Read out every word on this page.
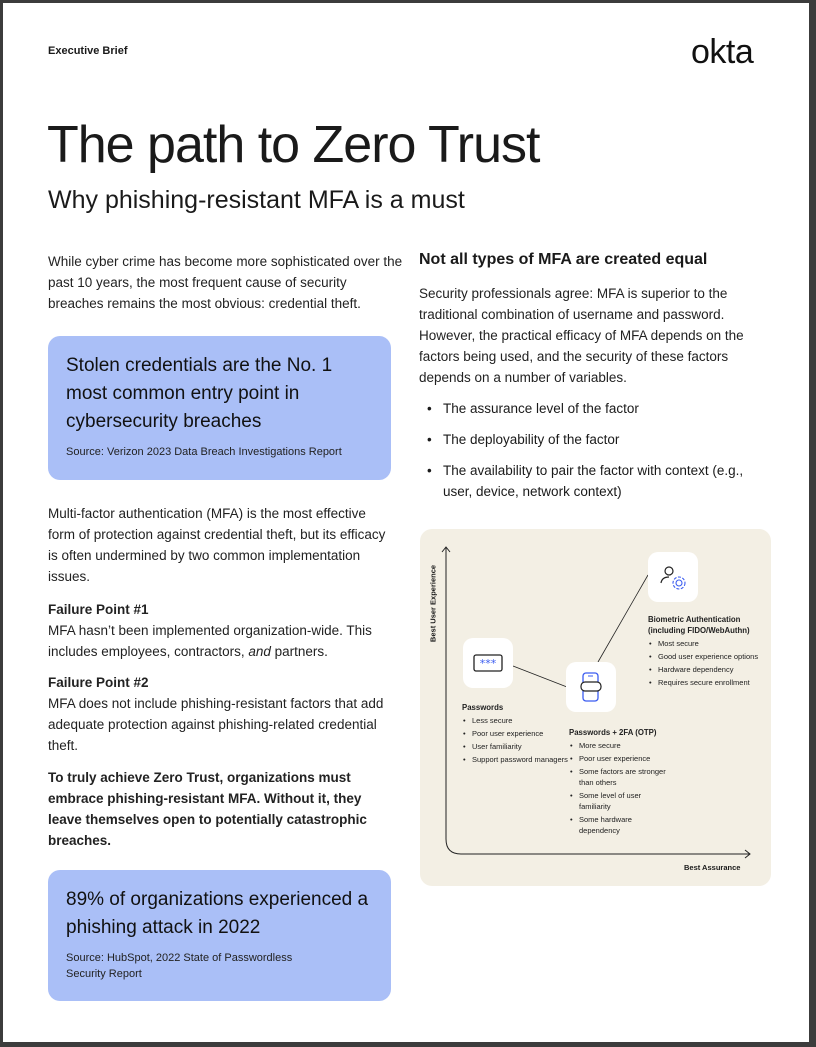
Executive Brief	okta
The path to Zero Trust
Why phishing-resistant MFA is a must
While cyber crime has become more sophisticated over the past 10 years, the most frequent cause of security breaches remains the most obvious: credential theft.
Stolen credentials are the No. 1 most common entry point in cybersecurity breaches
Source: Verizon 2023 Data Breach Investigations Report
Multi-factor authentication (MFA) is the most effective form of protection against credential theft, but its efficacy is often undermined by two common implementation issues.
Failure Point #1
MFA hasn’t been implemented organization-wide. This includes employees, contractors, and partners.
Failure Point #2
MFA does not include phishing-resistant factors that add adequate protection against phishing-related credential theft.
To truly achieve Zero Trust, organizations must embrace phishing-resistant MFA. Without it, they leave themselves open to potentially catastrophic breaches.
89% of organizations experienced a phishing attack in 2022
Source: HubSpot, 2022 State of Passwordless Security Report
Not all types of MFA are created equal
Security professionals agree: MFA is superior to the traditional combination of username and password. However, the practical efficacy of MFA depends on the factors being used, and the security of these factors depends on a number of variables.
• The assurance level of the factor
• The deployability of the factor
• The availability to pair the factor with context (e.g., user, device, network context)
Best User Experience
Best Assurance
***
Passwords
• Less secure
• Poor user experience
• User familiarity
• Support password managers
Passwords + 2FA (OTP)
• More secure
• Poor user experience
• Some factors are stronger than others
• Some level of user familiarity
• Some hardware dependency
Biometric Authentication (including FIDO/WebAuthn)
• Most secure
• Good user experience options
• Hardware dependency
• Requires secure enrollment
